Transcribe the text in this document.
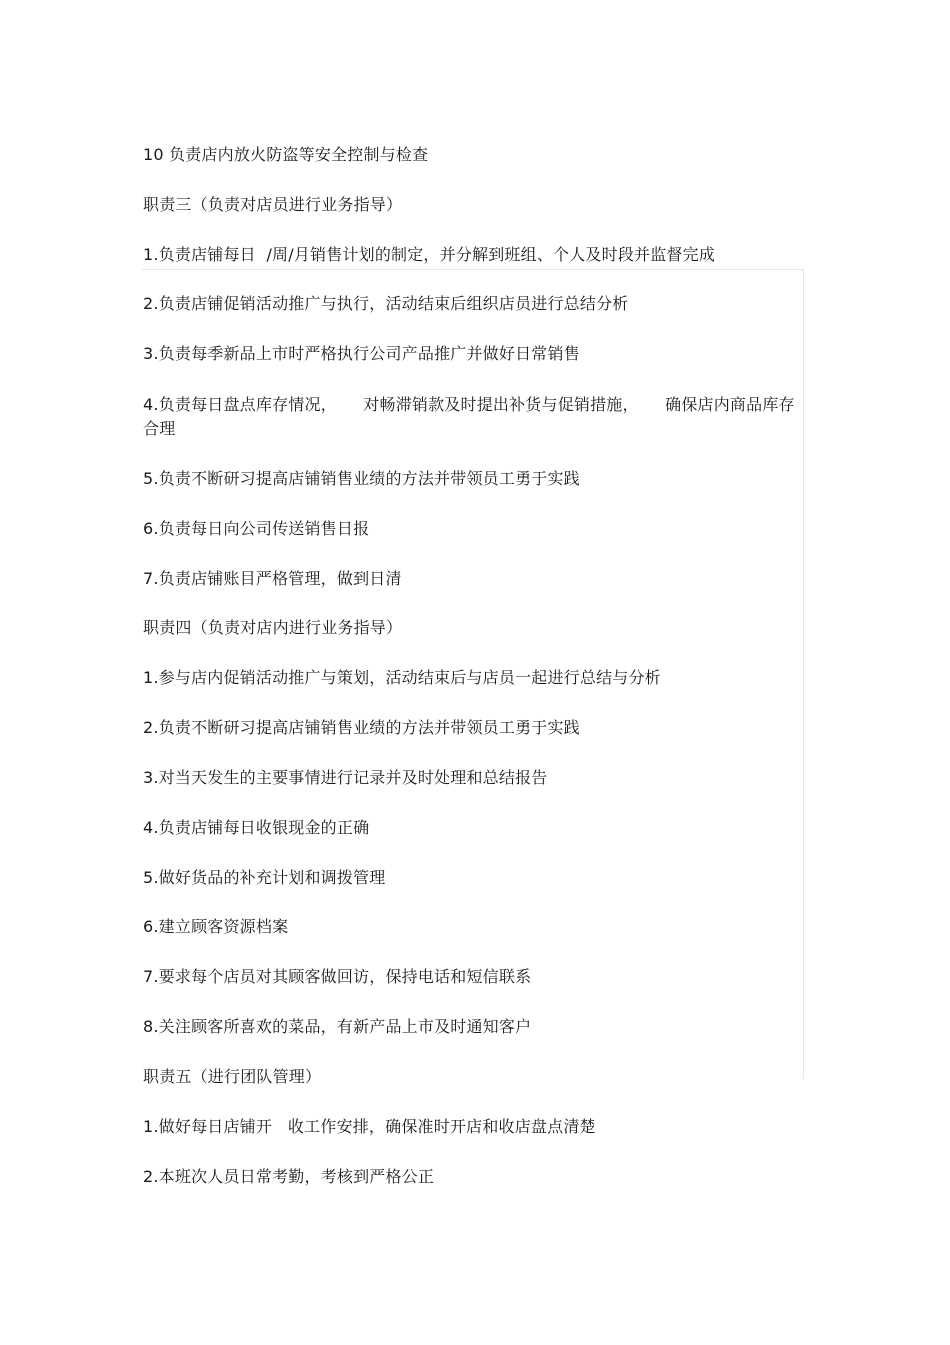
10 负责店内放火防盗等安全控制与检查
职责三（负责对店员进行业务指导）
1.负责店铺每日  /周/月销售计划的制定，并分解到班组、个人及时段并监督完成
2.负责店铺促销活动推广与执行，活动结束后组织店员进行总结分析
3.负责每季新品上市时严格执行公司产品推广并做好日常销售
4.负责每日盘点库存情况，     对畅滞销款及时提出补货与促销措施，     确保店内商品库存合理
5.负责不断研习提高店铺销售业绩的方法并带领员工勇于实践
6.负责每日向公司传送销售日报
7.负责店铺账目严格管理，做到日清
职责四（负责对店内进行业务指导）
1.参与店内促销活动推广与策划，活动结束后与店员一起进行总结与分析
2.负责不断研习提高店铺销售业绩的方法并带领员工勇于实践
3.对当天发生的主要事情进行记录并及时处理和总结报告
4.负责店铺每日收银现金的正确
5.做好货品的补充计划和调拨管理
6.建立顾客资源档案
7.要求每个店员对其顾客做回访，保持电话和短信联系
8.关注顾客所喜欢的菜品，有新产品上市及时通知客户
职责五（进行团队管理）
1.做好每日店铺开   收工作安排，确保准时开店和收店盘点清楚
2.本班次人员日常考勤，考核到严格公正
